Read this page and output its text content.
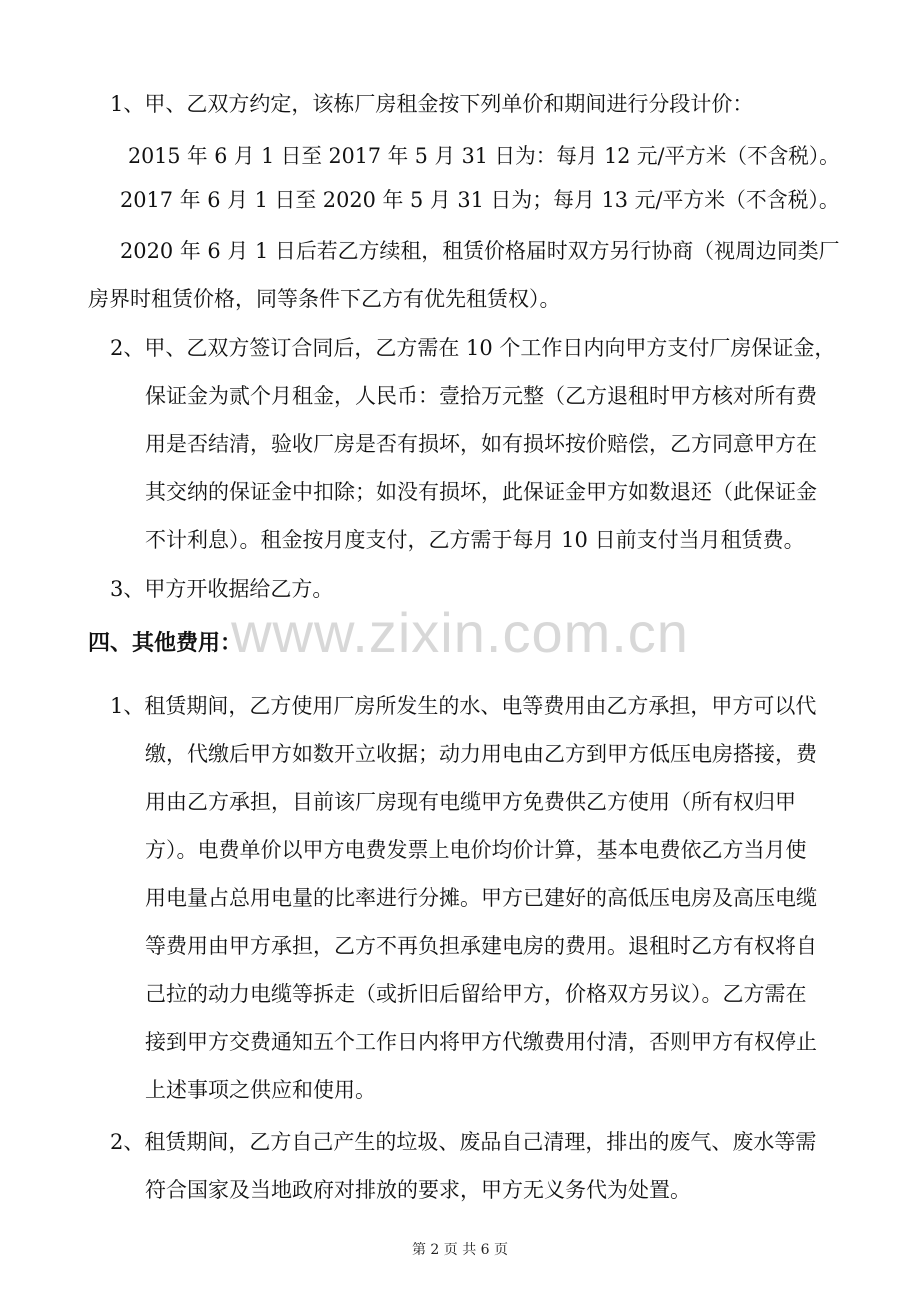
www.zixin.com.cn
1、甲、乙双方约定，该栋厂房租金按下列单价和期间进行分段计价：
2015 年 6 月 1 日至 2017 年 5 月 31 日为：每月 12 元/平方米（不含税）。
2017 年 6 月 1 日至 2020 年 5 月 31 日为；每月 13 元/平方米（不含税）。
2020 年 6 月 1 日后若乙方续租，租赁价格届时双方另行协商（视周边同类厂
房界时租赁价格，同等条件下乙方有优先租赁权）。
2、甲、乙双方签订合同后，乙方需在 10 个工作日内向甲方支付厂房保证金，
保证金为贰个月租金，人民币：壹拾万元整（乙方退租时甲方核对所有费
用是否结清，验收厂房是否有损坏，如有损坏按价赔偿，乙方同意甲方在
其交纳的保证金中扣除；如没有损坏，此保证金甲方如数退还（此保证金
不计利息）。租金按月度支付，乙方需于每月 10 日前支付当月租赁费。
3、甲方开收据给乙方。
四、其他费用：
1、租赁期间，乙方使用厂房所发生的水、电等费用由乙方承担，甲方可以代
缴，代缴后甲方如数开立收据；动力用电由乙方到甲方低压电房搭接，费
用由乙方承担，目前该厂房现有电缆甲方免费供乙方使用（所有权归甲
方）。电费单价以甲方电费发票上电价均价计算，基本电费依乙方当月使
用电量占总用电量的比率进行分摊。甲方已建好的高低压电房及高压电缆
等费用由甲方承担，乙方不再负担承建电房的费用。退租时乙方有权将自
己拉的动力电缆等拆走（或折旧后留给甲方，价格双方另议）。乙方需在
接到甲方交费通知五个工作日内将甲方代缴费用付清，否则甲方有权停止
上述事项之供应和使用。
2、租赁期间，乙方自己产生的垃圾、废品自己清理，排出的废气、废水等需
符合国家及当地政府对排放的要求，甲方无义务代为处置。
第 2 页 共 6 页
